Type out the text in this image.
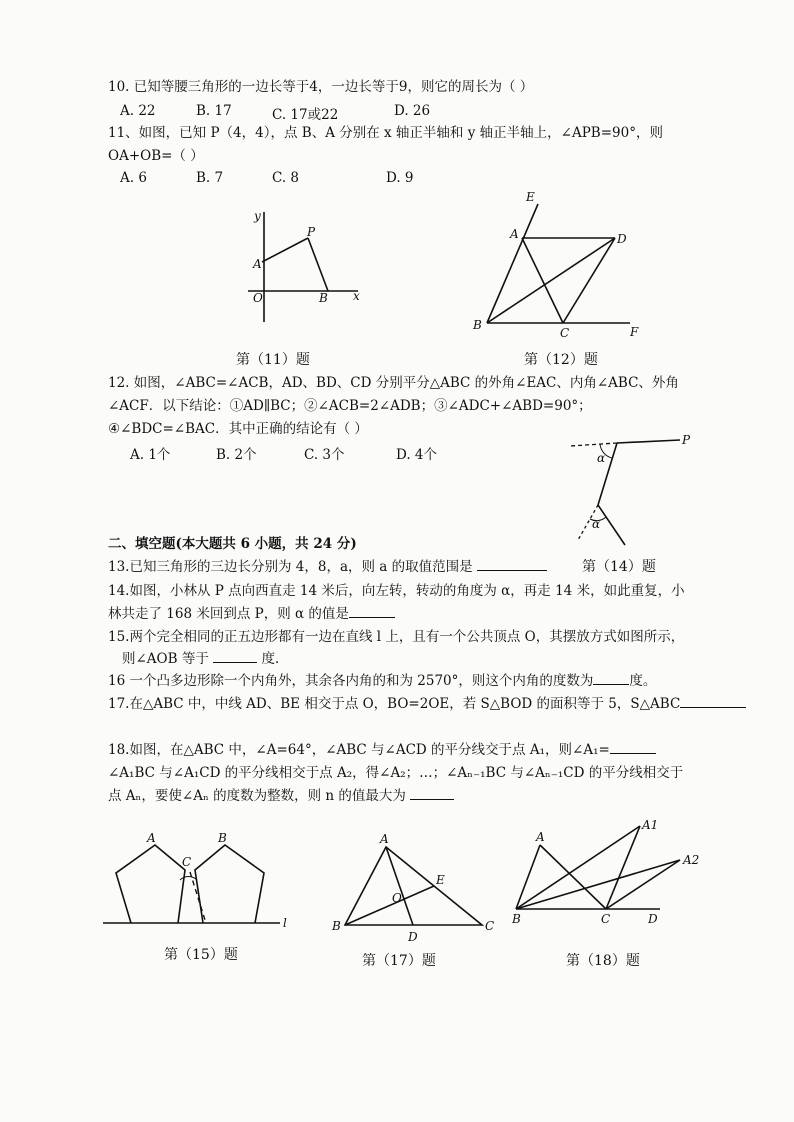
10. 已知等腰三角形的一边长等于4，一边长等于9，则它的周长为（ ）
A. 22	B. 17	C. 17或22	D. 26
11、如图，已知 P（4，4），点 B、A 分别在 x 轴正半轴和 y 轴正半轴上，∠APB=90°，则
OA+OB=（ ）
A. 6	B. 7	C. 8	D. 9
y
P
A
O	B x
第（11）题
E
A	D
B
C	F
第（12）题
12. 如图，∠ABC=∠ACB，AD、BD、CD 分别平分△ABC 的外角∠EAC、内角∠ABC、外角
∠ACF．以下结论：①AD∥BC；②∠ACB=2∠ADB；③∠ADC+∠ABD=90°；
④∠BDC=∠BAC．其中正确的结论有（ ）
A. 1个	B. 2个	C. 3个	D. 4个
P
α
α
二、填空题(本大题共 6 小题，共 24 分)
第（14）题
13.已知三角形的三边长分别为 4，8，a，则 a 的取值范围是
14.如图，小林从 P 点向西直走 14 米后，向左转，转动的角度为 α，再走 14 米，如此重复，小
林共走了 168 米回到点 P，则 α 的值是
15.两个完全相同的正五边形都有一边在直线 l 上，且有一个公共顶点 O，其摆放方式如图所示，
则∠AOB 等于	度.
16 一个凸多边形除一个内角外，其余各内角的和为 2570°，则这个内角的度数为	度。
17.在△ABC 中，中线 AD、BE 相交于点 O，BO=2OE，若 S△BOD 的面积等于 5，S△ABC
18.如图，在△ABC 中，∠A=64°，∠ABC 与∠ACD 的平分线交于点 A₁，则∠A₁=
∠A₁BC 与∠A₁CD 的平分线相交于点 A₂，得∠A₂；…；∠Aₙ₋₁BC 与∠Aₙ₋₁CD 的平分线相交于
点 Aₙ，要使∠Aₙ 的度数为整数，则 n 的值最大为
A	B
C
l
第（15）题
A
E
O
B
D
C
第（17）题
A
A1
A2
B	C	D
第（18）题
